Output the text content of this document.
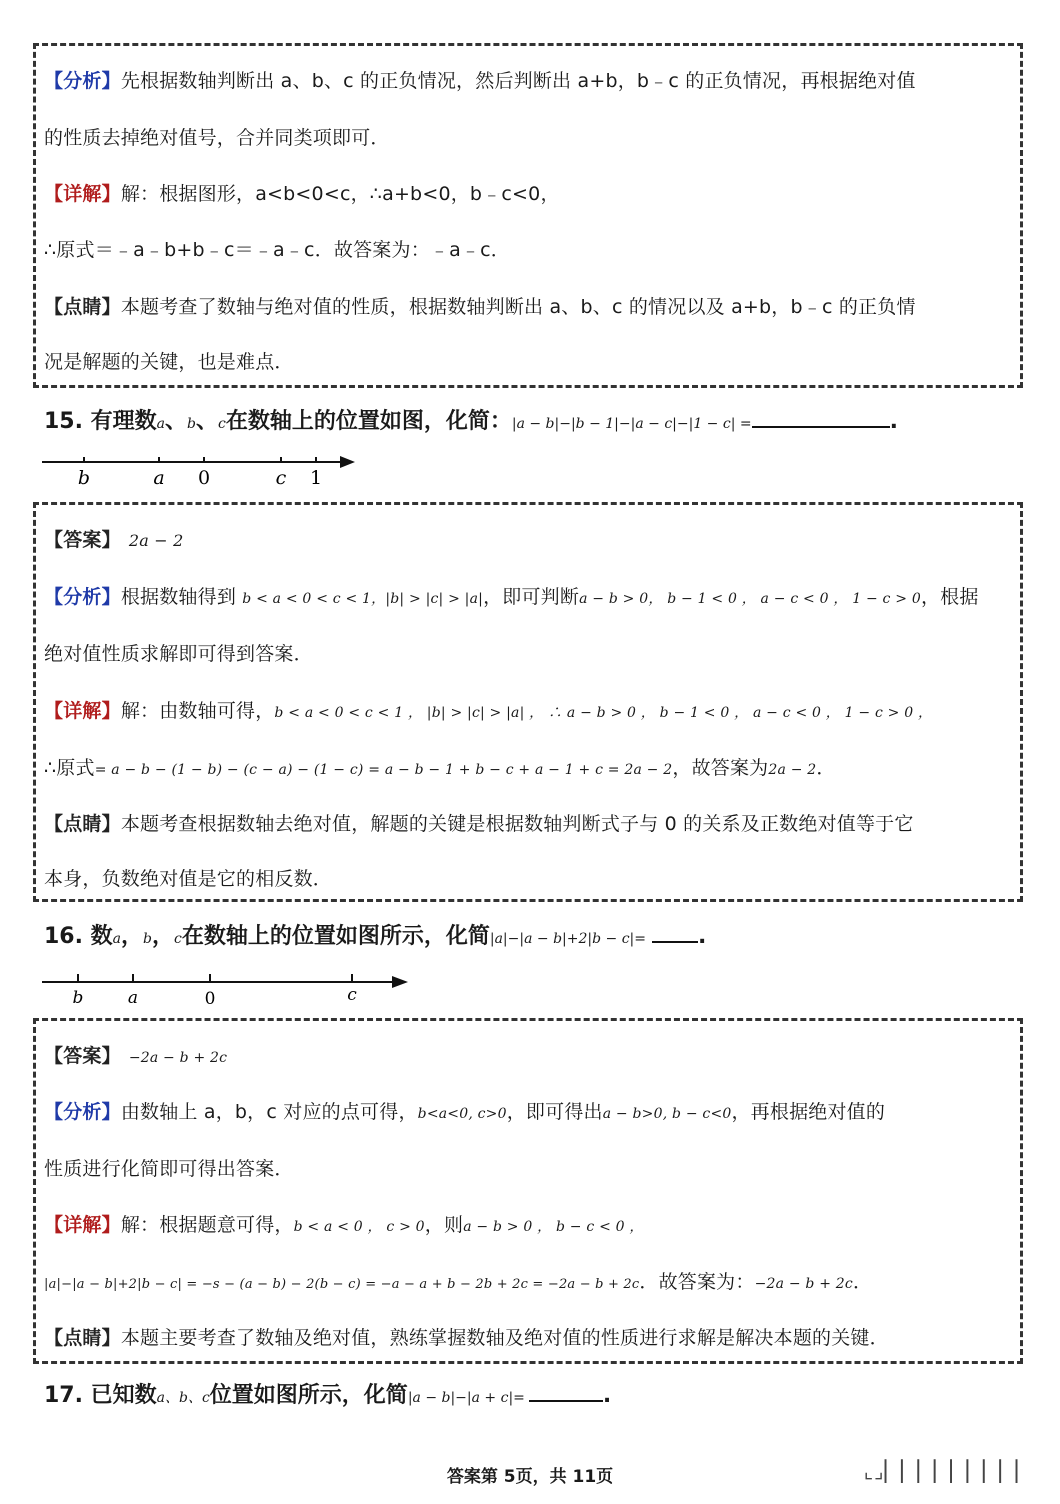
【分析】先根据数轴判断出 a、b、c 的正负情况，然后判断出 a+b，b﹣c 的正负情况，再根据绝对值
的性质去掉绝对值号，合并同类项即可．
【详解】解：根据图形，a<b<0<c，∴a+b<0，b﹣c<0，
∴原式＝﹣a﹣b+b﹣c＝﹣a﹣c．故答案为：﹣a﹣c．
【点睛】本题考查了数轴与绝对值的性质，根据数轴判断出 a、b、c 的情况以及 a+b，b﹣c 的正负情
况是解题的关键，也是难点．
15. 有理数a、b、c在数轴上的位置如图，化简：|a − b|−|b − 1|−|a − c|−|1 − c| =	.
b	a 0	c 1
【答案】 2a − 2
【分析】根据数轴得到 b < a < 0 < c < 1，|b| > |c| > |a|，即可判断a − b > 0， b − 1 < 0 ， a − c < 0 ， 1 − c > 0，根据
绝对值性质求解即可得到答案．
【详解】解：由数轴可得，b < a < 0 < c < 1 ， |b| > |c| > |a| ， ∴ a − b > 0 ， b − 1 < 0 ， a − c < 0 ， 1 − c > 0 ，
∴原式= a − b − (1 − b) − (c − a) − (1 − c) = a − b − 1 + b − c + a − 1 + c = 2a − 2，故答案为2a − 2．
【点睛】本题考查根据数轴去绝对值，解题的关键是根据数轴判断式子与 0 的关系及正数绝对值等于它
本身，负数绝对值是它的相反数．
16. 数a，b，c在数轴上的位置如图所示，化简|a|−|a − b|+2|b − c|= .
b	a	0	c
【答案】 −2a − b + 2c
【分析】由数轴上 a，b，c 对应的点可得，b<a<0, c>0，即可得出a − b>0, b − c<0，再根据绝对值的
性质进行化简即可得出答案．
【详解】解：根据题意可得，b < a < 0 ， c > 0，则a − b > 0 ， b − c < 0 ，
|a|−|a − b|+2|b − c| = −s − (a − b) − 2(b − c) = −a − a + b − 2b + 2c = −2a − b + 2c．故答案为：−2a − b + 2c．
【点睛】本题主要考查了数轴及绝对值，熟练掌握数轴及绝对值的性质进行求解是解决本题的关键．
17. 已知数a、b、c位置如图所示，化简|a − b|−|a + c|=	.
答案第 5页，共 11页	⌞⌟▏▏▏▏▏▏▏▏▏
